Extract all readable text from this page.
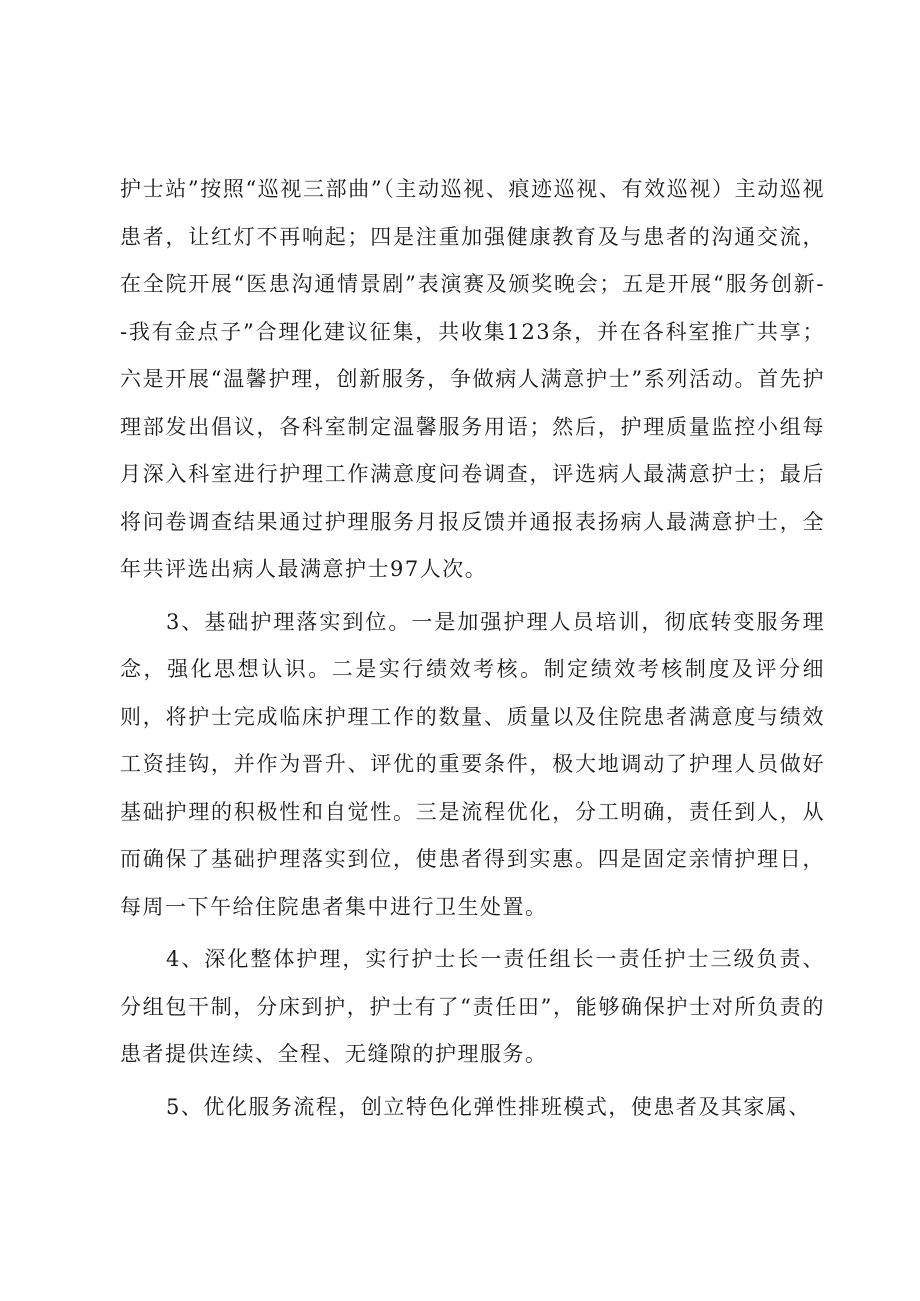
护士站”按照“巡视三部曲”（主动巡视、痕迹巡视、有效巡视）主动巡视患者，让红灯不再响起；四是注重加强健康教育及与患者的沟通交流，在全院开展“医患沟通情景剧”表演赛及颁奖晚会；五是开展“服务创新--我有金点子”合理化建议征集，共收集123条，并在各科室推广共享；六是开展“温馨护理，创新服务，争做病人满意护士”系列活动。首先护理部发出倡议，各科室制定温馨服务用语；然后，护理质量监控小组每月深入科室进行护理工作满意度问卷调查，评选病人最满意护士；最后将问卷调查结果通过护理服务月报反馈并通报表扬病人最满意护士，全年共评选出病人最满意护士97人次。

3、基础护理落实到位。一是加强护理人员培训，彻底转变服务理念，强化思想认识。二是实行绩效考核。制定绩效考核制度及评分细则，将护士完成临床护理工作的数量、质量以及住院患者满意度与绩效工资挂钩，并作为晋升、评优的重要条件，极大地调动了护理人员做好基础护理的积极性和自觉性。三是流程优化，分工明确，责任到人，从而确保了基础护理落实到位，使患者得到实惠。四是固定亲情护理日，每周一下午给住院患者集中进行卫生处置。

4、深化整体护理，实行护士长一责任组长一责任护士三级负责、分组包干制，分床到护，护士有了“责任田”，能够确保护士对所负责的患者提供连续、全程、无缝隙的护理服务。

5、优化服务流程，创立特色化弹性排班模式，使患者及其家属、
